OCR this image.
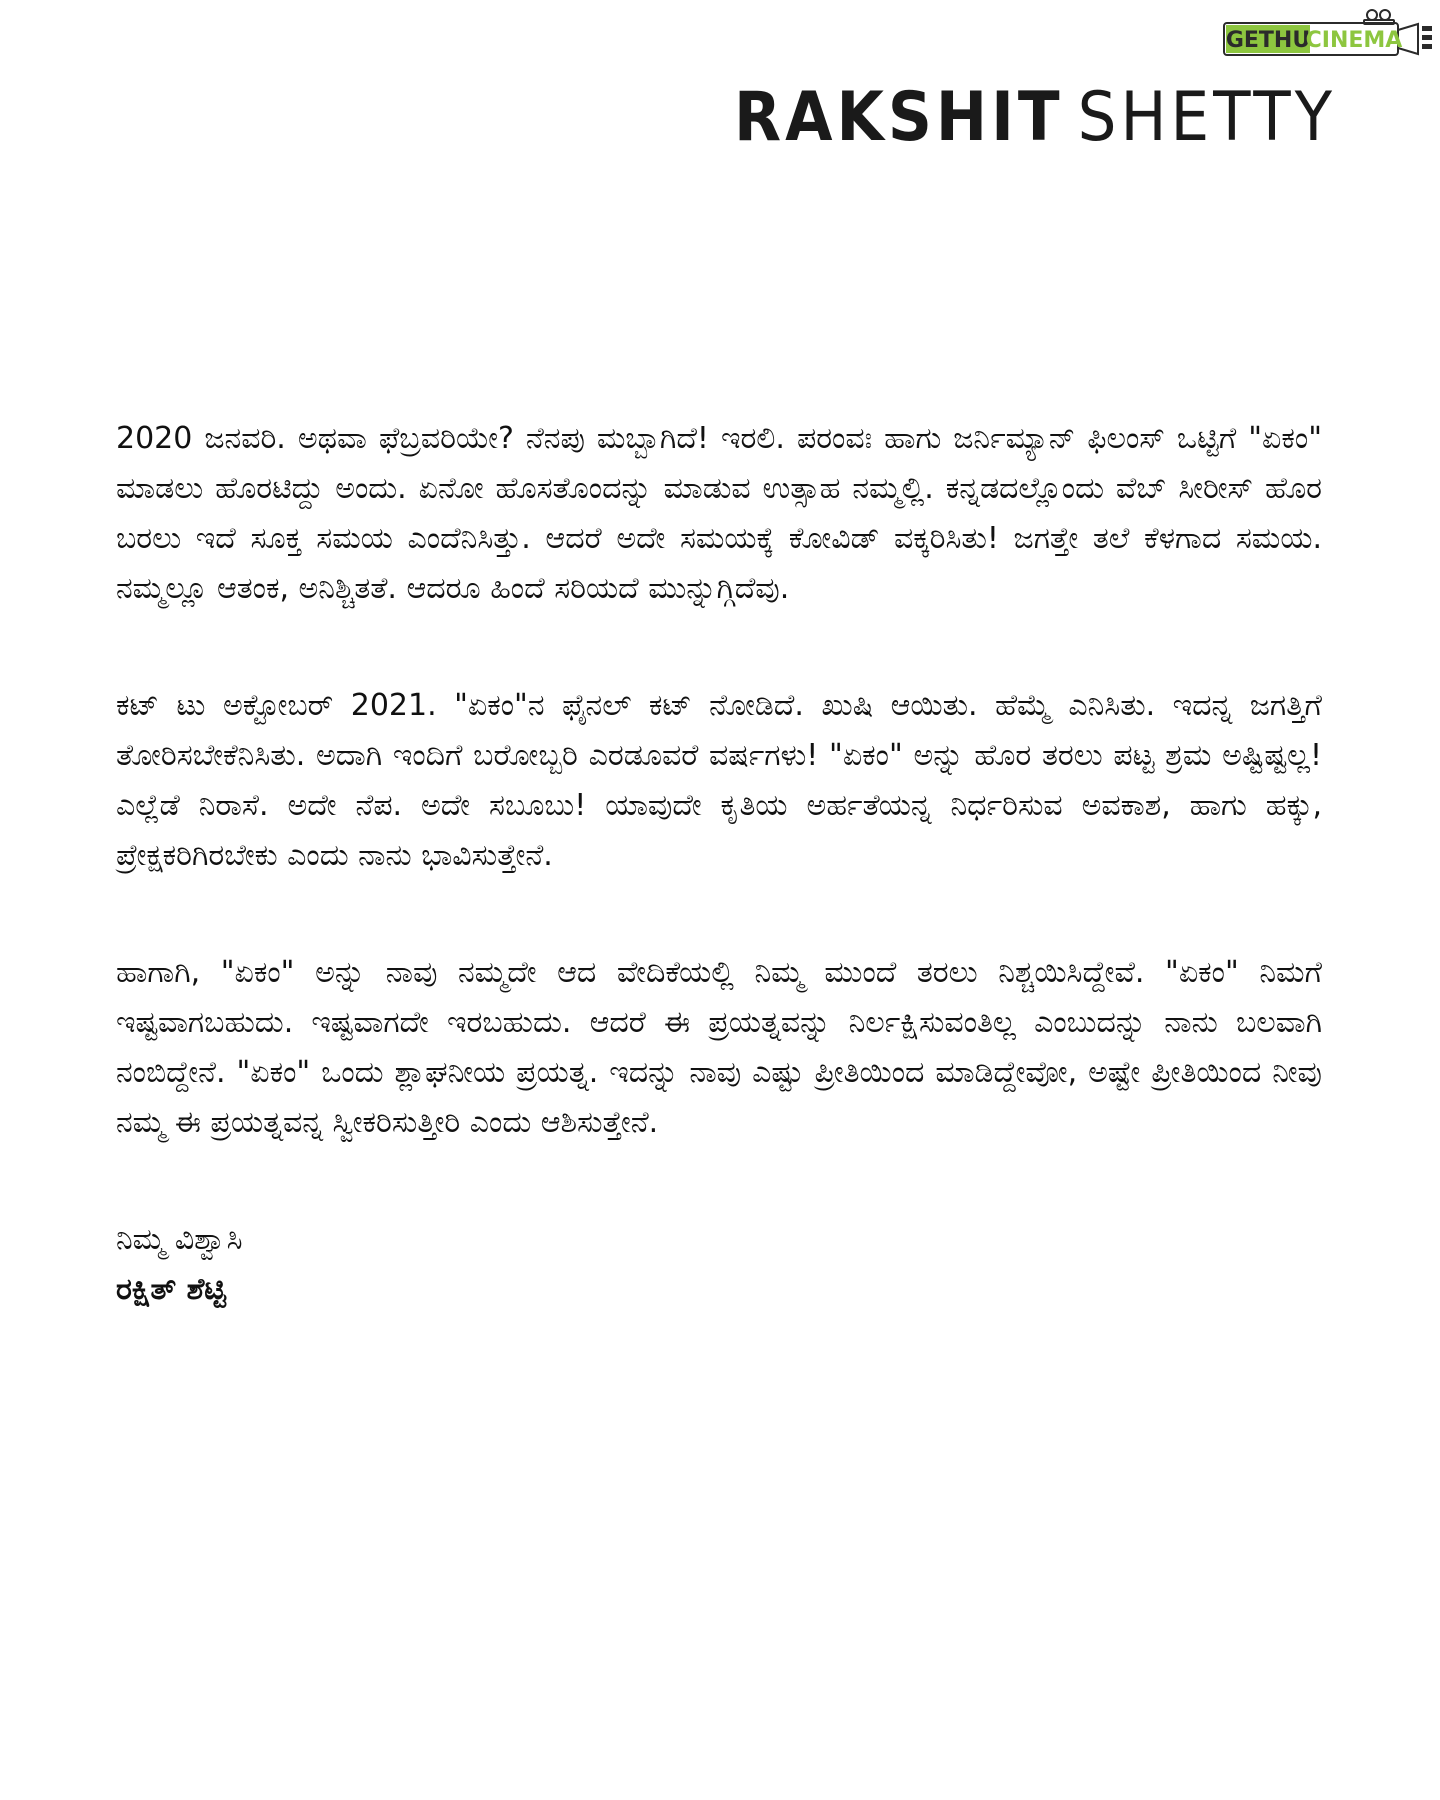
GETHU
CINEMA
RAKSHIT SHETTY

2020 ಜನವರಿ. ಅಥವಾ ಫೆಬ್ರವರಿಯೇ? ನೆನಪು ಮಬ್ಬಾಗಿದೆ! ಇರಲಿ. ಪರಂವಃ ಹಾಗು ಜರ್ನಿಮ್ಯಾನ್ ಫಿಲಂಸ್ ಒಟ್ಟಿಗೆ "ಏಕಂ" ಮಾಡಲು ಹೊರಟಿದ್ದು ಅಂದು. ಏನೋ ಹೊಸತೊಂದನ್ನು ಮಾಡುವ ಉತ್ಸಾಹ ನಮ್ಮಲ್ಲಿ. ಕನ್ನಡದಲ್ಲೊಂದು ವೆಬ್ ಸೀರೀಸ್ ಹೊರ ಬರಲು ಇದೆ ಸೂಕ್ತ ಸಮಯ ಎಂದೆನಿಸಿತ್ತು. ಆದರೆ ಅದೇ ಸಮಯಕ್ಕೆ ಕೋವಿಡ್ ವಕ್ಕರಿಸಿತು! ಜಗತ್ತೇ ತಲೆ ಕೆಳಗಾದ ಸಮಯ. ನಮ್ಮಲ್ಲೂ ಆತಂಕ, ಅನಿಶ್ಚಿತತೆ. ಆದರೂ ಹಿಂದೆ ಸರಿಯದೆ ಮುನ್ನುಗ್ಗಿದೆವು.

ಕಟ್ ಟು ಅಕ್ಟೋಬರ್ 2021. "ಏಕಂ"ನ ಫೈನಲ್ ಕಟ್ ನೋಡಿದೆ. ಖುಷಿ ಆಯಿತು. ಹೆಮ್ಮೆ ಎನಿಸಿತು. ಇದನ್ನ ಜಗತ್ತಿಗೆ ತೋರಿಸಬೇಕೆನಿಸಿತು. ಅದಾಗಿ ಇಂದಿಗೆ ಬರೋಬ್ಬರಿ ಎರಡೂವರೆ ವರ್ಷಗಳು! "ಏಕಂ" ಅನ್ನು ಹೊರ ತರಲು ಪಟ್ಟ ಶ್ರಮ ಅಷ್ಟಿಷ್ಟಲ್ಲ! ಎಲ್ಲೆಡೆ ನಿರಾಸೆ. ಅದೇ ನೆಪ. ಅದೇ ಸಬೂಬು! ಯಾವುದೇ ಕೃತಿಯ ಅರ್ಹತೆಯನ್ನ ನಿರ್ಧರಿಸುವ ಅವಕಾಶ, ಹಾಗು ಹಕ್ಕು, ಪ್ರೇಕ್ಷಕರಿಗಿರಬೇಕು ಎಂದು ನಾನು ಭಾವಿಸುತ್ತೇನೆ.

ಹಾಗಾಗಿ, "ಏಕಂ" ಅನ್ನು ನಾವು ನಮ್ಮದೇ ಆದ ವೇದಿಕೆಯಲ್ಲಿ ನಿಮ್ಮ ಮುಂದೆ ತರಲು ನಿಶ್ಚಯಿಸಿದ್ದೇವೆ. "ಏಕಂ" ನಿಮಗೆ ಇಷ್ಟವಾಗಬಹುದು. ಇಷ್ಟವಾಗದೇ ಇರಬಹುದು. ಆದರೆ ಈ ಪ್ರಯತ್ನವನ್ನು ನಿರ್ಲಕ್ಷಿಸುವಂತಿಲ್ಲ ಎಂಬುದನ್ನು ನಾನು ಬಲವಾಗಿ ನಂಬಿದ್ದೇನೆ. "ಏಕಂ" ಒಂದು ಶ್ಲಾಘನೀಯ ಪ್ರಯತ್ನ. ಇದನ್ನು ನಾವು ಎಷ್ಟು ಪ್ರೀತಿಯಿಂದ ಮಾಡಿದ್ದೇವೋ, ಅಷ್ಟೇ ಪ್ರೀತಿಯಿಂದ ನೀವು ನಮ್ಮ ಈ ಪ್ರಯತ್ನವನ್ನ ಸ್ವೀಕರಿಸುತ್ತೀರಿ ಎಂದು ಆಶಿಸುತ್ತೇನೆ.

ನಿಮ್ಮ ವಿಶ್ವಾಸಿ

ರಕ್ಷಿತ್ ಶೆಟ್ಟಿ
